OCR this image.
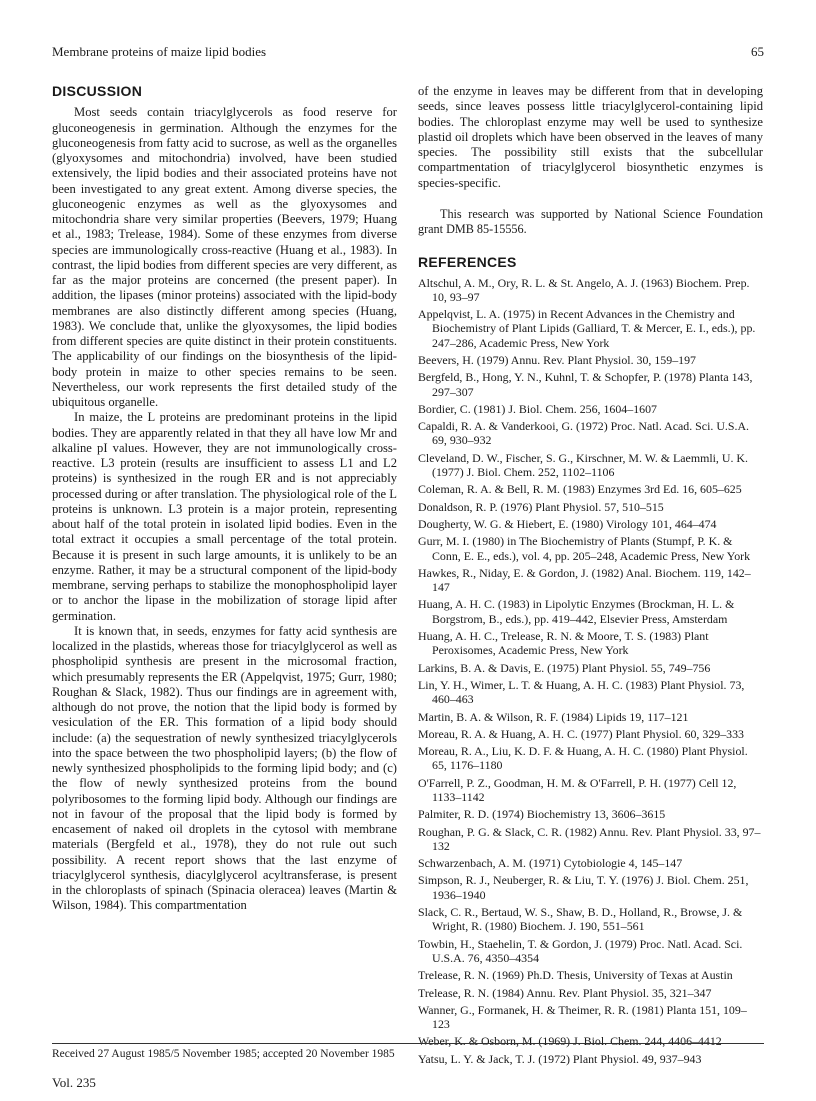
Membrane proteins of maize lipid bodies	65
DISCUSSION

Most seeds contain triacylglycerols as food reserve for gluconeogenesis in germination. Although the enzymes for the gluconeogenesis from fatty acid to sucrose, as well as the organelles (glyoxysomes and mitochondria) involved, have been studied extensively, the lipid bodies and their associated proteins have not been investigated to any great extent. Among diverse species, the gluconeogenic enzymes as well as the glyoxysomes and mitochondria share very similar properties (Beevers, 1979; Huang et al., 1983; Trelease, 1984). Some of these enzymes from diverse species are immunologically cross-reactive (Huang et al., 1983). In contrast, the lipid bodies from different species are very different, as far as the major proteins are concerned (the present paper). In addition, the lipases (minor proteins) associated with the lipid-body membranes are also distinctly different among species (Huang, 1983). We conclude that, unlike the glyoxysomes, the lipid bodies from different species are quite distinct in their protein constituents. The applicability of our findings on the biosynthesis of the lipid-body protein in maize to other species remains to be seen. Nevertheless, our work represents the first detailed study of the ubiquitous organelle.

In maize, the L proteins are predominant proteins in the lipid bodies. They are apparently related in that they all have low Mr and alkaline pI values. However, they are not immunologically cross-reactive. L3 protein (results are insufficient to assess L1 and L2 proteins) is synthesized in the rough ER and is not appreciably processed during or after translation. The physiological role of the L proteins is unknown. L3 protein is a major protein, representing about half of the total protein in isolated lipid bodies. Even in the total extract it occupies a small percentage of the total protein. Because it is present in such large amounts, it is unlikely to be an enzyme. Rather, it may be a structural component of the lipid-body membrane, serving perhaps to stabilize the monophospholipid layer or to anchor the lipase in the mobilization of storage lipid after germination.

It is known that, in seeds, enzymes for fatty acid synthesis are localized in the plastids, whereas those for triacylglycerol as well as phospholipid synthesis are present in the microsomal fraction, which presumably represents the ER (Appelqvist, 1975; Gurr, 1980; Roughan & Slack, 1982). Thus our findings are in agreement with, although do not prove, the notion that the lipid body is formed by vesiculation of the ER. This formation of a lipid body should include: (a) the sequestration of newly synthesized triacylglycerols into the space between the two phospholipid layers; (b) the flow of newly synthesized phospholipids to the forming lipid body; and (c) the flow of newly synthesized proteins from the bound polyribosomes to the forming lipid body. Although our findings are not in favour of the proposal that the lipid body is formed by encasement of naked oil droplets in the cytosol with membrane materials (Bergfeld et al., 1978), they do not rule out such possibility. A recent report shows that the last enzyme of triacylglycerol synthesis, diacylglycerol acyltransferase, is present in the chloroplasts of spinach (Spinacia oleracea) leaves (Martin & Wilson, 1984). This compartmentation

of the enzyme in leaves may be different from that in developing seeds, since leaves possess little triacylglycerol-containing lipid bodies. The chloroplast enzyme may well be used to synthesize plastid oil droplets which have been observed in the leaves of many species. The possibility still exists that the subcellular compartmentation of triacylglycerol biosynthetic enzymes is species-specific.

This research was supported by National Science Foundation grant DMB 85-15556.

REFERENCES
Altschul, A. M., Ory, R. L. & St. Angelo, A. J. (1963) Biochem. Prep. 10, 93–97
Appelqvist, L. A. (1975) in Recent Advances in the Chemistry and Biochemistry of Plant Lipids (Galliard, T. & Mercer, E. I., eds.), pp. 247–286, Academic Press, New York
Beevers, H. (1979) Annu. Rev. Plant Physiol. 30, 159–197
Bergfeld, B., Hong, Y. N., Kuhnl, T. & Schopfer, P. (1978) Planta 143, 297–307
Bordier, C. (1981) J. Biol. Chem. 256, 1604–1607
Capaldi, R. A. & Vanderkooi, G. (1972) Proc. Natl. Acad. Sci. U.S.A. 69, 930–932
Cleveland, D. W., Fischer, S. G., Kirschner, M. W. & Laemmli, U. K. (1977) J. Biol. Chem. 252, 1102–1106
Coleman, R. A. & Bell, R. M. (1983) Enzymes 3rd Ed. 16, 605–625
Donaldson, R. P. (1976) Plant Physiol. 57, 510–515
Dougherty, W. G. & Hiebert, E. (1980) Virology 101, 464–474
Gurr, M. I. (1980) in The Biochemistry of Plants (Stumpf, P. K. & Conn, E. E., eds.), vol. 4, pp. 205–248, Academic Press, New York
Hawkes, R., Niday, E. & Gordon, J. (1982) Anal. Biochem. 119, 142–147
Huang, A. H. C. (1983) in Lipolytic Enzymes (Brockman, H. L. & Borgstrom, B., eds.), pp. 419–442, Elsevier Press, Amsterdam
Huang, A. H. C., Trelease, R. N. & Moore, T. S. (1983) Plant Peroxisomes, Academic Press, New York
Larkins, B. A. & Davis, E. (1975) Plant Physiol. 55, 749–756
Lin, Y. H., Wimer, L. T. & Huang, A. H. C. (1983) Plant Physiol. 73, 460–463
Martin, B. A. & Wilson, R. F. (1984) Lipids 19, 117–121
Moreau, R. A. & Huang, A. H. C. (1977) Plant Physiol. 60, 329–333
Moreau, R. A., Liu, K. D. F. & Huang, A. H. C. (1980) Plant Physiol. 65, 1176–1180
O'Farrell, P. Z., Goodman, H. M. & O'Farrell, P. H. (1977) Cell 12, 1133–1142
Palmiter, R. D. (1974) Biochemistry 13, 3606–3615
Roughan, P. G. & Slack, C. R. (1982) Annu. Rev. Plant Physiol. 33, 97–132
Schwarzenbach, A. M. (1971) Cytobiologie 4, 145–147
Simpson, R. J., Neuberger, R. & Liu, T. Y. (1976) J. Biol. Chem. 251, 1936–1940
Slack, C. R., Bertaud, W. S., Shaw, B. D., Holland, R., Browse, J. & Wright, R. (1980) Biochem. J. 190, 551–561
Towbin, H., Staehelin, T. & Gordon, J. (1979) Proc. Natl. Acad. Sci. U.S.A. 76, 4350–4354
Trelease, R. N. (1969) Ph.D. Thesis, University of Texas at Austin
Trelease, R. N. (1984) Annu. Rev. Plant Physiol. 35, 321–347
Wanner, G., Formanek, H. & Theimer, R. R. (1981) Planta 151, 109–123
Weber, K. & Osborn, M. (1969) J. Biol. Chem. 244, 4406–4412
Yatsu, L. Y. & Jack, T. J. (1972) Plant Physiol. 49, 937–943
Received 27 August 1985/5 November 1985; accepted 20 November 1985
Vol. 235
